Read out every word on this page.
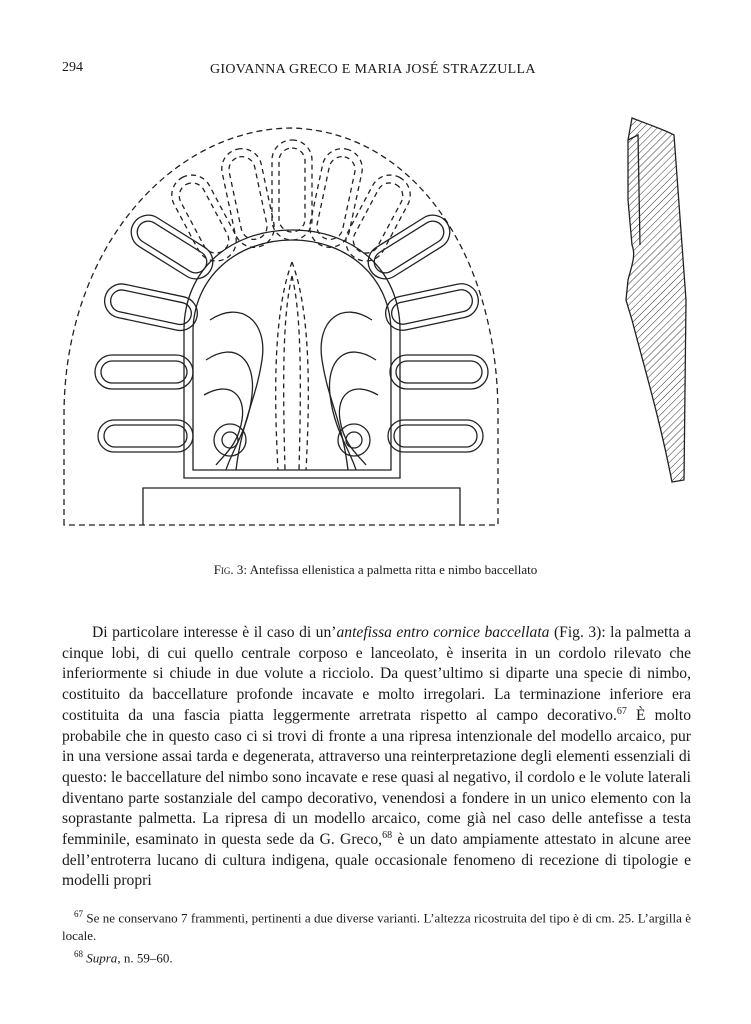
294	GIOVANNA GRECO E MARIA JOSÉ STRAZZULLA
Fig. 3: Antefissa ellenistica a palmetta ritta e nimbo baccellato

Di particolare interesse è il caso di un’antefissa entro cornice baccellata (Fig. 3): la palmetta a cinque lobi, di cui quello centrale corposo e lanceolato, è inserita in un cordolo rilevato che inferiormente si chiude in due volute a ricciolo. Da quest’ultimo si diparte una specie di nimbo, costituito da baccellature profonde incavate e molto irregolari. La terminazione inferiore era costituita da una fascia piatta leggermente arretrata rispetto al campo decorativo.$^{67}$ È molto probabile che in questo caso ci si trovi di fronte a una ripresa intenzionale del modello arcaico, pur in una versione assai tarda e degenerata, attraverso una reinterpretazione degli elementi essenziali di questo: le baccellature del nimbo sono incavate e rese quasi al negativo, il cordolo e le volute laterali diventano parte sostanziale del campo decorativo, venendosi a fondere in un unico elemento con la soprastante palmetta. La ripresa di un modello arcaico, come già nel caso delle antefisse a testa femminile, esaminato in questa sede da G. Greco,$^{68}$ è un dato ampiamente attestato in alcune aree dell’entroterra lucano di cultura indigena, quale occasionale fenomeno di recezione di tipologie e modelli propri

$^{67}$ Se ne conservano 7 frammenti, pertinenti a due diverse varianti. L’altezza ricostruita del tipo è di cm. 25. L’argilla è locale.

$^{68}$ Supra, n. 59–60.
